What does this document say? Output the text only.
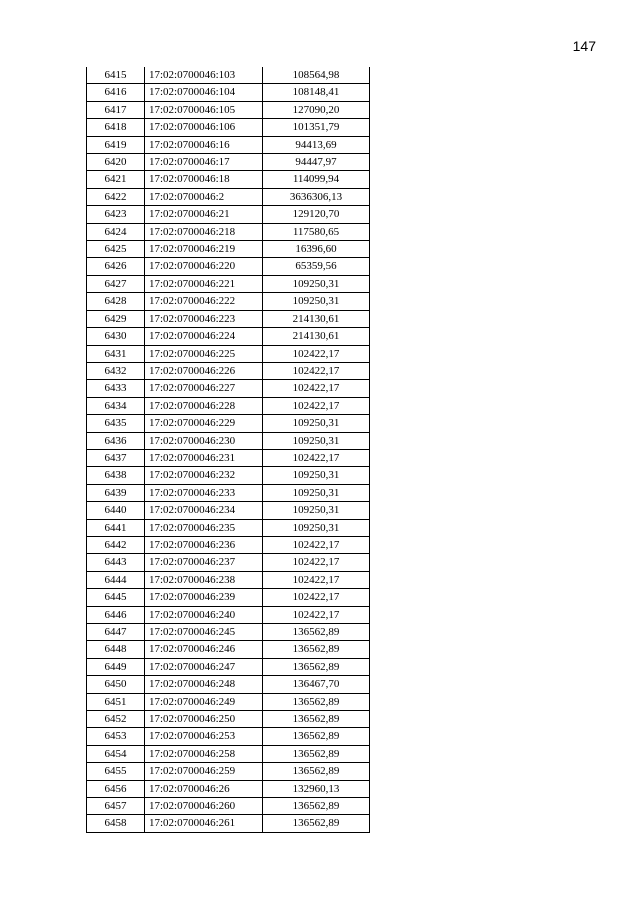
147
6415	17:02:0700046:103	108564,98
6416	17:02:0700046:104	108148,41
6417	17:02:0700046:105	127090,20
6418	17:02:0700046:106	101351,79
6419	17:02:0700046:16	94413,69
6420	17:02:0700046:17	94447,97
6421	17:02:0700046:18	114099,94
6422	17:02:0700046:2	3636306,13
6423	17:02:0700046:21	129120,70
6424	17:02:0700046:218	117580,65
6425	17:02:0700046:219	16396,60
6426	17:02:0700046:220	65359,56
6427	17:02:0700046:221	109250,31
6428	17:02:0700046:222	109250,31
6429	17:02:0700046:223	214130,61
6430	17:02:0700046:224	214130,61
6431	17:02:0700046:225	102422,17
6432	17:02:0700046:226	102422,17
6433	17:02:0700046:227	102422,17
6434	17:02:0700046:228	102422,17
6435	17:02:0700046:229	109250,31
6436	17:02:0700046:230	109250,31
6437	17:02:0700046:231	102422,17
6438	17:02:0700046:232	109250,31
6439	17:02:0700046:233	109250,31
6440	17:02:0700046:234	109250,31
6441	17:02:0700046:235	109250,31
6442	17:02:0700046:236	102422,17
6443	17:02:0700046:237	102422,17
6444	17:02:0700046:238	102422,17
6445	17:02:0700046:239	102422,17
6446	17:02:0700046:240	102422,17
6447	17:02:0700046:245	136562,89
6448	17:02:0700046:246	136562,89
6449	17:02:0700046:247	136562,89
6450	17:02:0700046:248	136467,70
6451	17:02:0700046:249	136562,89
6452	17:02:0700046:250	136562,89
6453	17:02:0700046:253	136562,89
6454	17:02:0700046:258	136562,89
6455	17:02:0700046:259	136562,89
6456	17:02:0700046:26	132960,13
6457	17:02:0700046:260	136562,89
6458	17:02:0700046:261	136562,89
